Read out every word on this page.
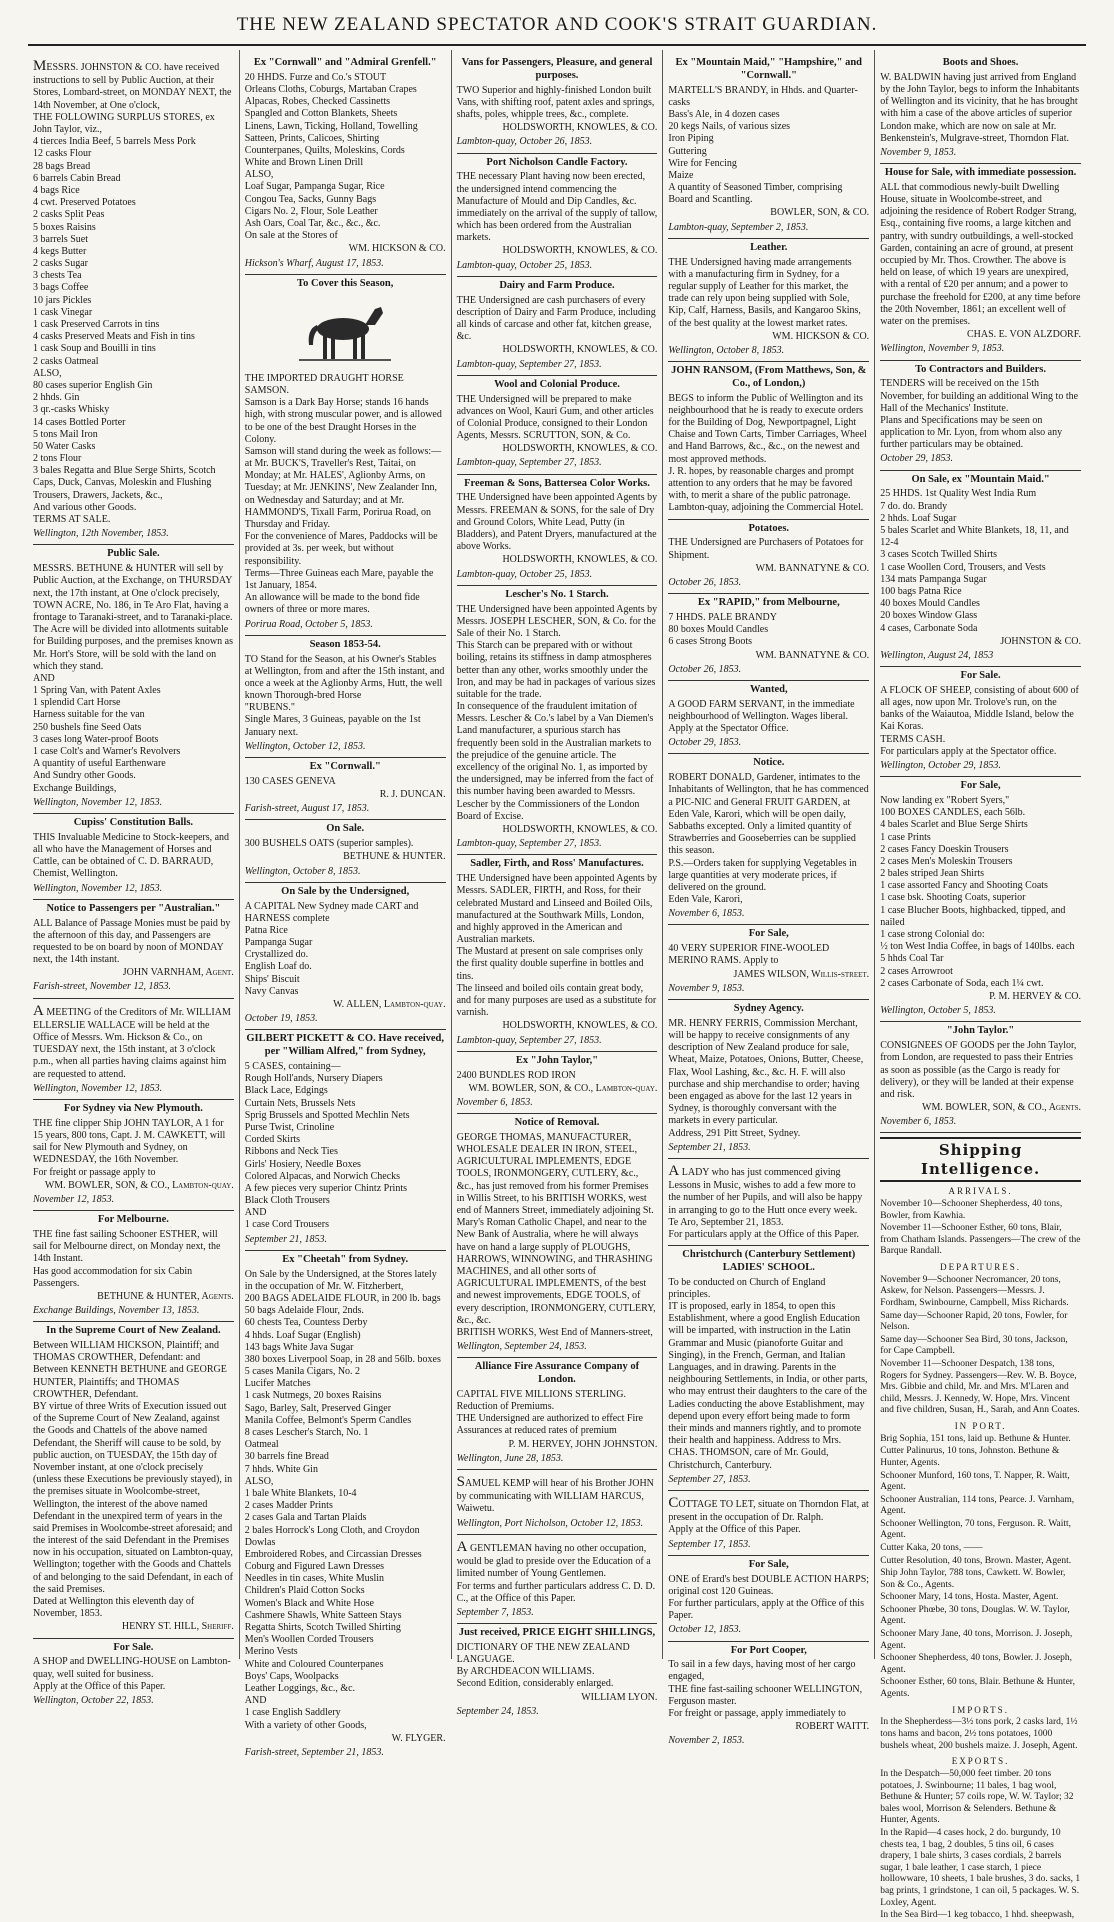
THE NEW ZEALAND SPECTATOR AND COOK'S STRAIT GUARDIAN.

MESSRS. JOHNSTON & CO. have received instructions to sell by Public Auction, at their Stores, Lombard-street, on MONDAY NEXT, the 14th November, at One o'clock,

THE FOLLOWING SURPLUS STORES, ex John Taylor, viz.,

4 tierces India Beef, 5 barrels Mess Pork

12 casks Flour

28 bags Bread

6 barrels Cabin Bread

4 bags Rice

4 cwt. Preserved Potatoes

2 casks Split Peas

5 boxes Raisins

3 barrels Suet

4 kegs Butter

2 casks Sugar

3 chests Tea

3 bags Coffee

10 jars Pickles

1 cask Vinegar

1 cask Preserved Carrots in tins

4 casks Preserved Meats and Fish in tins

1 cask Soup and Bouilli in tins

2 casks Oatmeal

ALSO,

80 cases superior English Gin

2 hhds. Gin

3 qr.-casks Whisky

14 cases Bottled Porter

5 tons Mail Iron

50 Water Casks

2 tons Flour

3 bales Regatta and Blue Serge Shirts, Scotch Caps, Duck, Canvas, Moleskin and Flushing Trousers, Drawers, Jackets, &c.,

And various other Goods.

TERMS AT SALE.

Wellington, 12th November, 1853.

Public Sale.

MESSRS. BETHUNE & HUNTER will sell by Public Auction, at the Exchange, on THURSDAY next, the 17th instant, at One o'clock precisely,

TOWN ACRE, No. 186, in Te Aro Flat, having a frontage to Taranaki-street, and to Taranaki-place. The Acre will be divided into allotments suitable for Building purposes, and the premises known as Mr. Hort's Store, will be sold with the land on which they stand.

AND

1 Spring Van, with Patent Axles

1 splendid Cart Horse

Harness suitable for the van

250 bushels fine Seed Oats

3 cases long Water-proof Boots

1 case Colt's and Warner's Revolvers

A quantity of useful Earthenware

And Sundry other Goods.

Exchange Buildings,

Wellington, November 12, 1853.

Cupiss' Constitution Balls.

THIS Invaluable Medicine to Stock-keepers, and all who have the Management of Horses and Cattle, can be obtained of C. D. BARRAUD, Chemist, Wellington.

Wellington, November 12, 1853.

Notice to Passengers per "Australian."

ALL Balance of Passage Monies must be paid by the afternoon of this day, and Passengers are requested to be on board by noon of MONDAY next, the 14th instant.

JOHN VARNHAM, Agent.

Farish-street, November 12, 1853.

A MEETING of the Creditors of Mr. WILLIAM ELLERSLIE WALLACE will be held at the Office of Messrs. Wm. Hickson & Co., on TUESDAY next, the 15th instant, at 3 o'clock p.m., when all parties having claims against him are requested to attend.

Wellington, November 12, 1853.

For Sydney via New Plymouth.

THE fine clipper Ship JOHN TAYLOR, A 1 for 15 years, 800 tons, Capt. J. M. CAWKETT, will sail for New Plymouth and Sydney, on WEDNESDAY, the 16th November.

For freight or passage apply to

WM. BOWLER, SON, & CO., Lambton-quay.

November 12, 1853.

For Melbourne.

THE fine fast sailing Schooner ESTHER, will sail for Melbourne direct, on Monday next, the 14th Instant.

Has good accommodation for six Cabin Passengers.

BETHUNE & HUNTER, Agents.

Exchange Buildings, November 13, 1853.

In the Supreme Court of New Zealand.

Between WILLIAM HICKSON, Plaintiff; and THOMAS CROWTHER, Defendant: and Between KENNETH BETHUNE and GEORGE HUNTER, Plaintiffs; and THOMAS CROWTHER, Defendant.

BY virtue of three Writs of Execution issued out of the Supreme Court of New Zealand, against the Goods and Chattels of the above named Defendant, the Sheriff will cause to be sold, by public auction, on TUESDAY, the 15th day of November instant, at one o'clock precisely (unless these Executions be previously stayed), in the premises situate in Woolcombe-street, Wellington, the interest of the above named Defendant in the unexpired term of years in the said Premises in Woolcombe-street aforesaid; and the interest of the said Defendant in the Premises now in his occupation, situated on Lambton-quay, Wellington; together with the Goods and Chattels of and belonging to the said Defendant, in each of the said Premises.

Dated at Wellington this eleventh day of November, 1853.

HENRY ST. HILL, Sheriff.

For Sale.

A SHOP and DWELLING-HOUSE on Lambton-quay, well suited for business.

Apply at the Office of this Paper.

Wellington, October 22, 1853.

Ex "Cornwall" and "Admiral Grenfell."

20 HHDS. Furze and Co.'s STOUT

Orleans Cloths, Coburgs, Martaban Crapes

Alpacas, Robes, Checked Cassinetts

Spangled and Cotton Blankets, Sheets

Linens, Lawn, Ticking, Holland, Towelling

Satteen, Prints, Calicoes, Shirting

Counterpanes, Quilts, Moleskins, Cords

White and Brown Linen Drill

ALSO,

Loaf Sugar, Pampanga Sugar, Rice

Congou Tea, Sacks, Gunny Bags

Cigars No. 2, Flour, Sole Leather

Ash Oars, Coal Tar, &c., &c., &c.

On sale at the Stores of

WM. HICKSON & CO.

Hickson's Wharf, August 17, 1853.

To Cover this Season,

THE IMPORTED DRAUGHT HORSE SAMSON.

Samson is a Dark Bay Horse; stands 16 hands high, with strong muscular power, and is allowed to be one of the best Draught Horses in the Colony.

Samson will stand during the week as follows:—at Mr. BUCK'S, Traveller's Rest, Taitai, on Monday; at Mr. HALES', Aglionby Arms, on Tuesday; at Mr. JENKINS', New Zealander Inn, on Wednesday and Saturday; and at Mr. HAMMOND'S, Tixall Farm, Porirua Road, on Thursday and Friday.

For the convenience of Mares, Paddocks will be provided at 3s. per week, but without responsibility.

Terms—Three Guineas each Mare, payable the 1st January, 1854.

An allowance will be made to the bond fide owners of three or more mares.

Porirua Road, October 5, 1853.

Season 1853-54.

TO Stand for the Season, at his Owner's Stables at Wellington, from and after the 15th instant, and once a week at the Aglionby Arms, Hutt, the well known Thorough-bred Horse

"RUBENS."

Single Mares, 3 Guineas, payable on the 1st January next.

Wellington, October 12, 1853.

Ex "Cornwall."

130 CASES GENEVA

R. J. DUNCAN.

Farish-street, August 17, 1853.

On Sale.

300 BUSHELS OATS (superior samples).

BETHUNE & HUNTER.

Wellington, October 8, 1853.

On Sale by the Undersigned,

A CAPITAL New Sydney made CART and HARNESS complete

Patna Rice

Pampanga Sugar

Crystallized do.

English Loaf do.

Ships' Biscuit

Navy Canvas

W. ALLEN, Lambton-quay.

October 19, 1853.

GILBERT PICKETT & CO. Have received, per "William Alfred," from Sydney,

5 CASES, containing—

Rough Holl'ands, Nursery Diapers

Black Lace, Edgings

Curtain Nets, Brussels Nets

Sprig Brussels and Spotted Mechlin Nets

Purse Twist, Crinoline

Corded Skirts

Ribbons and Neck Ties

Girls' Hosiery, Needle Boxes

Colored Alpacas, and Norwich Checks

A few pieces very superior Chintz Prints

Black Cloth Trousers

AND

1 case Cord Trousers

September 21, 1853.

Ex "Cheetah" from Sydney.

On Sale by the Undersigned, at the Stores lately in the occupation of Mr. W. Fitzherbert,

200 BAGS ADELAIDE FLOUR, in 200 lb. bags

50 bags Adelaide Flour, 2nds.

60 chests Tea, Countess Derby

4 hhds. Loaf Sugar (English)

143 bags White Java Sugar

380 boxes Liverpool Soap, in 28 and 56lb. boxes

5 cases Manila Cigars, No. 2

Lucifer Matches

1 cask Nutmegs, 20 boxes Raisins

Sago, Barley, Salt, Preserved Ginger

Manila Coffee, Belmont's Sperm Candles

8 cases Lescher's Starch, No. 1

Oatmeal

30 barrels fine Bread

7 hhds. White Gin

ALSO,

1 bale White Blankets, 10-4

2 cases Madder Prints

2 cases Gala and Tartan Plaids

2 bales Horrock's Long Cloth, and Croydon Dowlas

Embroidered Robes, and Circassian Dresses

Coburg and Figured Lawn Dresses

Needles in tin cases, White Muslin

Children's Plaid Cotton Socks

Women's Black and White Hose

Cashmere Shawls, White Satteen Stays

Regatta Shirts, Scotch Twilled Shirting

Men's Woollen Corded Trousers

Merino Vests

White and Coloured Counterpanes

Boys' Caps, Woolpacks

Leather Loggings, &c., &c.

AND

1 case English Saddlery

With a variety of other Goods,

W. FLYGER.

Farish-street, September 21, 1853.

Vans for Passengers, Pleasure, and general purposes.

TWO Superior and highly-finished London built Vans, with shifting roof, patent axles and springs, shafts, poles, whipple trees, &c., complete.

HOLDSWORTH, KNOWLES, & CO.

Lambton-quay, October 26, 1853.

Port Nicholson Candle Factory.

THE necessary Plant having now been erected, the undersigned intend commencing the Manufacture of Mould and Dip Candles, &c. immediately on the arrival of the supply of tallow, which has been ordered from the Australian markets.

HOLDSWORTH, KNOWLES, & CO.

Lambton-quay, October 25, 1853.

Dairy and Farm Produce.

THE Undersigned are cash purchasers of every description of Dairy and Farm Produce, including all kinds of carcase and other fat, kitchen grease, &c.

HOLDSWORTH, KNOWLES, & CO.

Lambton-quay, September 27, 1853.

Wool and Colonial Produce.

THE Undersigned will be prepared to make advances on Wool, Kauri Gum, and other articles of Colonial Produce, consigned to their London Agents, Messrs. SCRUTTON, SON, & Co.

HOLDSWORTH, KNOWLES, & CO.

Lambton-quay, September 27, 1853.

Freeman & Sons, Battersea Color Works.

THE Undersigned have been appointed Agents by Messrs. FREEMAN & SONS, for the sale of Dry and Ground Colors, White Lead, Putty (in Bladders), and Patent Dryers, manufactured at the above Works.

HOLDSWORTH, KNOWLES, & CO.

Lambton-quay, October 25, 1853.

Lescher's No. 1 Starch.

THE Undersigned have been appointed Agents by Messrs. JOSEPH LESCHER, SON, & Co. for the Sale of their No. 1 Starch.

This Starch can be prepared with or without boiling, retains its stiffness in damp atmospheres better than any other, works smoothly under the Iron, and may be had in packages of various sizes suitable for the trade.

In consequence of the fraudulent imitation of Messrs. Lescher & Co.'s label by a Van Diemen's Land manufacturer, a spurious starch has frequently been sold in the Australian markets to the prejudice of the genuine article. The excellency of the original No. 1, as imported by the undersigned, may be inferred from the fact of this number having been awarded to Messrs. Lescher by the Commissioners of the London Board of Excise.

HOLDSWORTH, KNOWLES, & CO.

Lambton-quay, September 27, 1853.

Sadler, Firth, and Ross' Manufactures.

THE Undersigned have been appointed Agents by Messrs. SADLER, FIRTH, and Ross, for their celebrated Mustard and Linseed and Boiled Oils, manufactured at the Southwark Mills, London, and highly approved in the American and Australian markets.

The Mustard at present on sale comprises only the first quality double superfine in bottles and tins.

The linseed and boiled oils contain great body, and for many purposes are used as a substitute for varnish.

HOLDSWORTH, KNOWLES, & CO.

Lambton-quay, September 27, 1853.

Ex "John Taylor,"

2400 BUNDLES ROD IRON

WM. BOWLER, SON, & CO., Lambton-quay.

November 6, 1853.

Notice of Removal.

GEORGE THOMAS, MANUFACTURER, WHOLESALE DEALER IN IRON, STEEL, AGRICULTURAL IMPLEMENTS, EDGE TOOLS, IRONMONGERY, CUTLERY, &c., &c., has just removed from his former Premises in Willis Street, to his BRITISH WORKS, west end of Manners Street, immediately adjoining St. Mary's Roman Catholic Chapel, and near to the New Bank of Australia, where he will always have on hand a large supply of PLOUGHS, HARROWS, WINNOWING, and THRASHING MACHINES, and all other sorts of AGRICULTURAL IMPLEMENTS, of the best and newest improvements, EDGE TOOLS, of every description, IRONMONGERY, CUTLERY, &c., &c.

BRITISH WORKS, West End of Manners-street,

Wellington, September 24, 1853.

Alliance Fire Assurance Company of London.

CAPITAL FIVE MILLIONS STERLING.

Reduction of Premiums.

THE Undersigned are authorized to effect Fire Assurances at reduced rates of premium

P. M. HERVEY, JOHN JOHNSTON.

Wellington, June 28, 1853.

SAMUEL KEMP will hear of his Brother JOHN by communicating with WILLIAM HARCUS, Waiwetu.

Wellington, Port Nicholson, October 12, 1853.

A GENTLEMAN having no other occupation, would be glad to preside over the Education of a limited number of Young Gentlemen.

For terms and further particulars address C. D. D. C., at the Office of this Paper.

September 7, 1853.

Just received, PRICE EIGHT SHILLINGS,

DICTIONARY OF THE NEW ZEALAND LANGUAGE.

By ARCHDEACON WILLIAMS.

Second Edition, considerably enlarged.

WILLIAM LYON.

September 24, 1853.

Ex "Mountain Maid," "Hampshire," and "Cornwall."

MARTELL'S BRANDY, in Hhds. and Quarter-casks

Bass's Ale, in 4 dozen cases

20 kegs Nails, of various sizes

Iron Piping

Guttering

Wire for Fencing

Maize

A quantity of Seasoned Timber, comprising Board and Scantling.

BOWLER, SON, & CO.

Lambton-quay, September 2, 1853.

Leather.

THE Undersigned having made arrangements with a manufacturing firm in Sydney, for a regular supply of Leather for this market, the trade can rely upon being supplied with Sole, Kip, Calf, Harness, Basils, and Kangaroo Skins, of the best quality at the lowest market rates.

WM. HICKSON & CO.

Wellington, October 8, 1853.

JOHN RANSOM, (From Matthews, Son, & Co., of London,)

BEGS to inform the Public of Wellington and its neighbourhood that he is ready to execute orders for the Building of Dog, Newportpagnel, Light Chaise and Town Carts, Timber Carriages, Wheel and Hand Barrows, &c., &c., on the newest and most approved methods.

J. R. hopes, by reasonable charges and prompt attention to any orders that he may be favored with, to merit a share of the public patronage.

Lambton-quay, adjoining the Commercial Hotel.

Potatoes.

THE Undersigned are Purchasers of Potatoes for Shipment.

WM. BANNATYNE & CO.

October 26, 1853.

Ex "RAPID," from Melbourne,

7 HHDS. PALE BRANDY

80 boxes Mould Candles

6 cases Strong Boots

WM. BANNATYNE & CO.

October 26, 1853.

Wanted,

A GOOD FARM SERVANT, in the immediate neighbourhood of Wellington. Wages liberal.

Apply at the Spectator Office.

October 29, 1853.

Notice.

ROBERT DONALD, Gardener, intimates to the Inhabitants of Wellington, that he has commenced a PIC-NIC and General FRUIT GARDEN, at Eden Vale, Karori, which will be open daily, Sabbaths excepted. Only a limited quantity of Strawberries and Gooseberries can be supplied this season.

P.S.—Orders taken for supplying Vegetables in large quantities at very moderate prices, if delivered on the ground.

Eden Vale, Karori,

November 6, 1853.

For Sale,

40 VERY SUPERIOR FINE-WOOLED MERINO RAMS. Apply to

JAMES WILSON, Willis-street.

November 9, 1853.

Sydney Agency.

MR. HENRY FERRIS, Commission Merchant, will be happy to receive consignments of any description of New Zealand produce for sale, Wheat, Maize, Potatoes, Onions, Butter, Cheese, Flax, Wool Lashing, &c., &c. H. F. will also purchase and ship merchandise to order; having been engaged as above for the last 12 years in Sydney, is thoroughly conversant with the markets in every particular.

Address, 291 Pitt Street, Sydney.

September 21, 1853.

A LADY who has just commenced giving Lessons in Music, wishes to add a few more to the number of her Pupils, and will also be happy in arranging to go to the Hutt once every week.

Te Aro, September 21, 1853.

For particulars apply at the Office of this Paper.

Christchurch (Canterbury Settlement) LADIES' SCHOOL.

To be conducted on Church of England principles.

IT is proposed, early in 1854, to open this Establishment, where a good English Education will be imparted, with instruction in the Latin Grammar and Music (pianoforte Guitar and Singing), in the French, German, and Italian Languages, and in drawing. Parents in the neighbouring Settlements, in India, or other parts, who may entrust their daughters to the care of the Ladies conducting the above Establishment, may depend upon every effort being made to form their minds and manners rightly, and to promote their health and happiness. Address to Mrs. CHAS. THOMSON, care of Mr. Gould, Christchurch, Canterbury.

September 27, 1853.

COTTAGE TO LET, situate on Thorndon Flat, at present in the occupation of Dr. Ralph.

Apply at the Office of this Paper.

September 17, 1853.

For Sale,

ONE of Erard's best DOUBLE ACTION HARPS; original cost 120 Guineas.

For further particulars, apply at the Office of this Paper.

October 12, 1853.

For Port Cooper,

To sail in a few days, having most of her cargo engaged,

THE fine fast-sailing schooner WELLINGTON, Ferguson master.

For freight or passage, apply immediately to

ROBERT WAITT.

November 2, 1853.

Boots and Shoes.

W. BALDWIN having just arrived from England by the John Taylor, begs to inform the Inhabitants of Wellington and its vicinity, that he has brought with him a case of the above articles of superior London make, which are now on sale at Mr. Benkenstein's, Mulgrave-street, Thorndon Flat.

November 9, 1853.

House for Sale, with immediate possession.

ALL that commodious newly-built Dwelling House, situate in Woolcombe-street, and adjoining the residence of Robert Rodger Strang, Esq., containing five rooms, a large kitchen and pantry, with sundry outbuildings, a well-stocked Garden, containing an acre of ground, at present occupied by Mr. Thos. Crowther. The above is held on lease, of which 19 years are unexpired, with a rental of £20 per annum; and a power to purchase the freehold for £200, at any time before the 20th November, 1861; an excellent well of water on the premises.

CHAS. E. VON ALZDORF.

Wellington, November 9, 1853.

To Contractors and Builders.

TENDERS will be received on the 15th November, for building an additional Wing to the Hall of the Mechanics' Institute.

Plans and Specifications may be seen on application to Mr. Lyon, from whom also any further particulars may be obtained.

October 29, 1853.

On Sale, ex "Mountain Maid."

25 HHDS. 1st Quality West India Rum

7 do. do. Brandy

2 hhds. Loaf Sugar

5 bales Scarlet and White Blankets, 18, 11, and 12-4

3 cases Scotch Twilled Shirts

1 case Woollen Cord, Trousers, and Vests

134 mats Pampanga Sugar

100 bags Patna Rice

40 boxes Mould Candles

20 boxes Window Glass

4 cases, Carbonate Soda

JOHNSTON & CO.

Wellington, August 24, 1853

For Sale.

A FLOCK OF SHEEP, consisting of about 600 of all ages, now upon Mr. Trolove's run, on the banks of the Waiautoa, Middle Island, below the Kai Koras.

TERMS CASH.

For particulars apply at the Spectator office.

Wellington, October 29, 1853.

For Sale,

Now landing ex "Robert Syers,"

100 BOXES CANDLES, each 56lb.

4 bales Scarlet and Blue Serge Shirts

1 case Prints

2 cases Fancy Doeskin Trousers

2 cases Men's Moleskin Trousers

2 bales striped Jean Shirts

1 case assorted Fancy and Shooting Coats

1 case bsk. Shooting Coats, superior

1 case Blucher Boots, highbacked, tipped, and nailed

1 case strong Colonial do:

½ ton West India Coffee, in bags of 140lbs. each

5 hhds Coal Tar

2 cases Arrowroot

2 cases Carbonate of Soda, each 1¼ cwt.

P. M. HERVEY & CO.

Wellington, October 5, 1853.

"John Taylor."

CONSIGNEES OF GOODS per the John Taylor, from London, are requested to pass their Entries as soon as possible (as the Cargo is ready for delivery), or they will be landed at their expense and risk.

WM. BOWLER, SON, & CO., Agents.

November 6, 1853.

Shipping Intelligence.
ARRIVALS.

November 10—Schooner Shepherdess, 40 tons, Bowler, from Kawhia.

November 11—Schooner Esther, 60 tons, Blair, from Chatham Islands. Passengers—The crew of the Barque Randall.

DEPARTURES.

November 9—Schooner Necromancer, 20 tons, Askew, for Nelson. Passengers—Messrs. J. Fordham, Swinbourne, Campbell, Miss Richards.

Same day—Schooner Rapid, 20 tons, Fowler, for Nelson.

Same day—Schooner Sea Bird, 30 tons, Jackson, for Cape Campbell.

November 11—Schooner Despatch, 138 tons, Rogers for Sydney. Passengers—Rev. W. B. Boyce, Mrs. Gibbie and child, Mr. and Mrs. M'Laren and child, Messrs. J. Kennedy, W. Hope, Mrs. Vincent and five children, Susan, H., Sarah, and Ann Coates.

IN PORT.

Brig Sophia, 151 tons, laid up. Bethune & Hunter.

Cutter Palinurus, 10 tons, Johnston. Bethune & Hunter, Agents.

Schooner Munford, 160 tons, T. Napper, R. Waitt, Agent.

Schooner Australian, 114 tons, Pearce. J. Varnham, Agent.

Schooner Wellington, 70 tons, Ferguson. R. Waitt, Agent.

Cutter Kaka, 20 tons, ——

Cutter Resolution, 40 tons, Brown. Master, Agent.

Ship John Taylor, 788 tons, Cawkett. W. Bowler, Son & Co., Agents.

Schooner Mary, 14 tons, Hosta. Master, Agent.

Schooner Phœbe, 30 tons, Douglas. W. W. Taylor, Agent.

Schooner Mary Jane, 40 tons, Morrison. J. Joseph, Agent.

Schooner Shepherdess, 40 tons, Bowler. J. Joseph, Agent.

Schooner Esther, 60 tons, Blair. Bethune & Hunter, Agents.

IMPORTS.

In the Shepherdess—3½ tons pork, 2 casks lard, 1½ tons hams and bacon, 2½ tons potatoes, 1000 bushels wheat, 200 bushels maize. J. Joseph, Agent.

EXPORTS.

In the Despatch—50,000 feet timber. 20 tons potatoes, J. Swinbourne; 11 bales, 1 bag wool, Bethune & Hunter; 57 coils rope, W. W. Taylor; 32 bales wool, Morrison & Selenders. Bethune & Hunter, Agents.

In the Rapid—4 cases hock, 2 do. burgundy, 10 chests tea, 1 bag, 2 doubles, 5 tins oil, 6 cases drapery, 1 bale shirts, 3 cases cordials, 2 barrels sugar, 1 bale leather, 1 case starch, 1 piece hollowware, 10 sheets, 1 bale brushes, 3 do. sacks, 1 bag prints, 1 grindstone, 1 can oil, 5 packages. W. S. Loxley, Agent.

In the Sea Bird—1 keg tobacco, 1 hhd. sheepwash,
